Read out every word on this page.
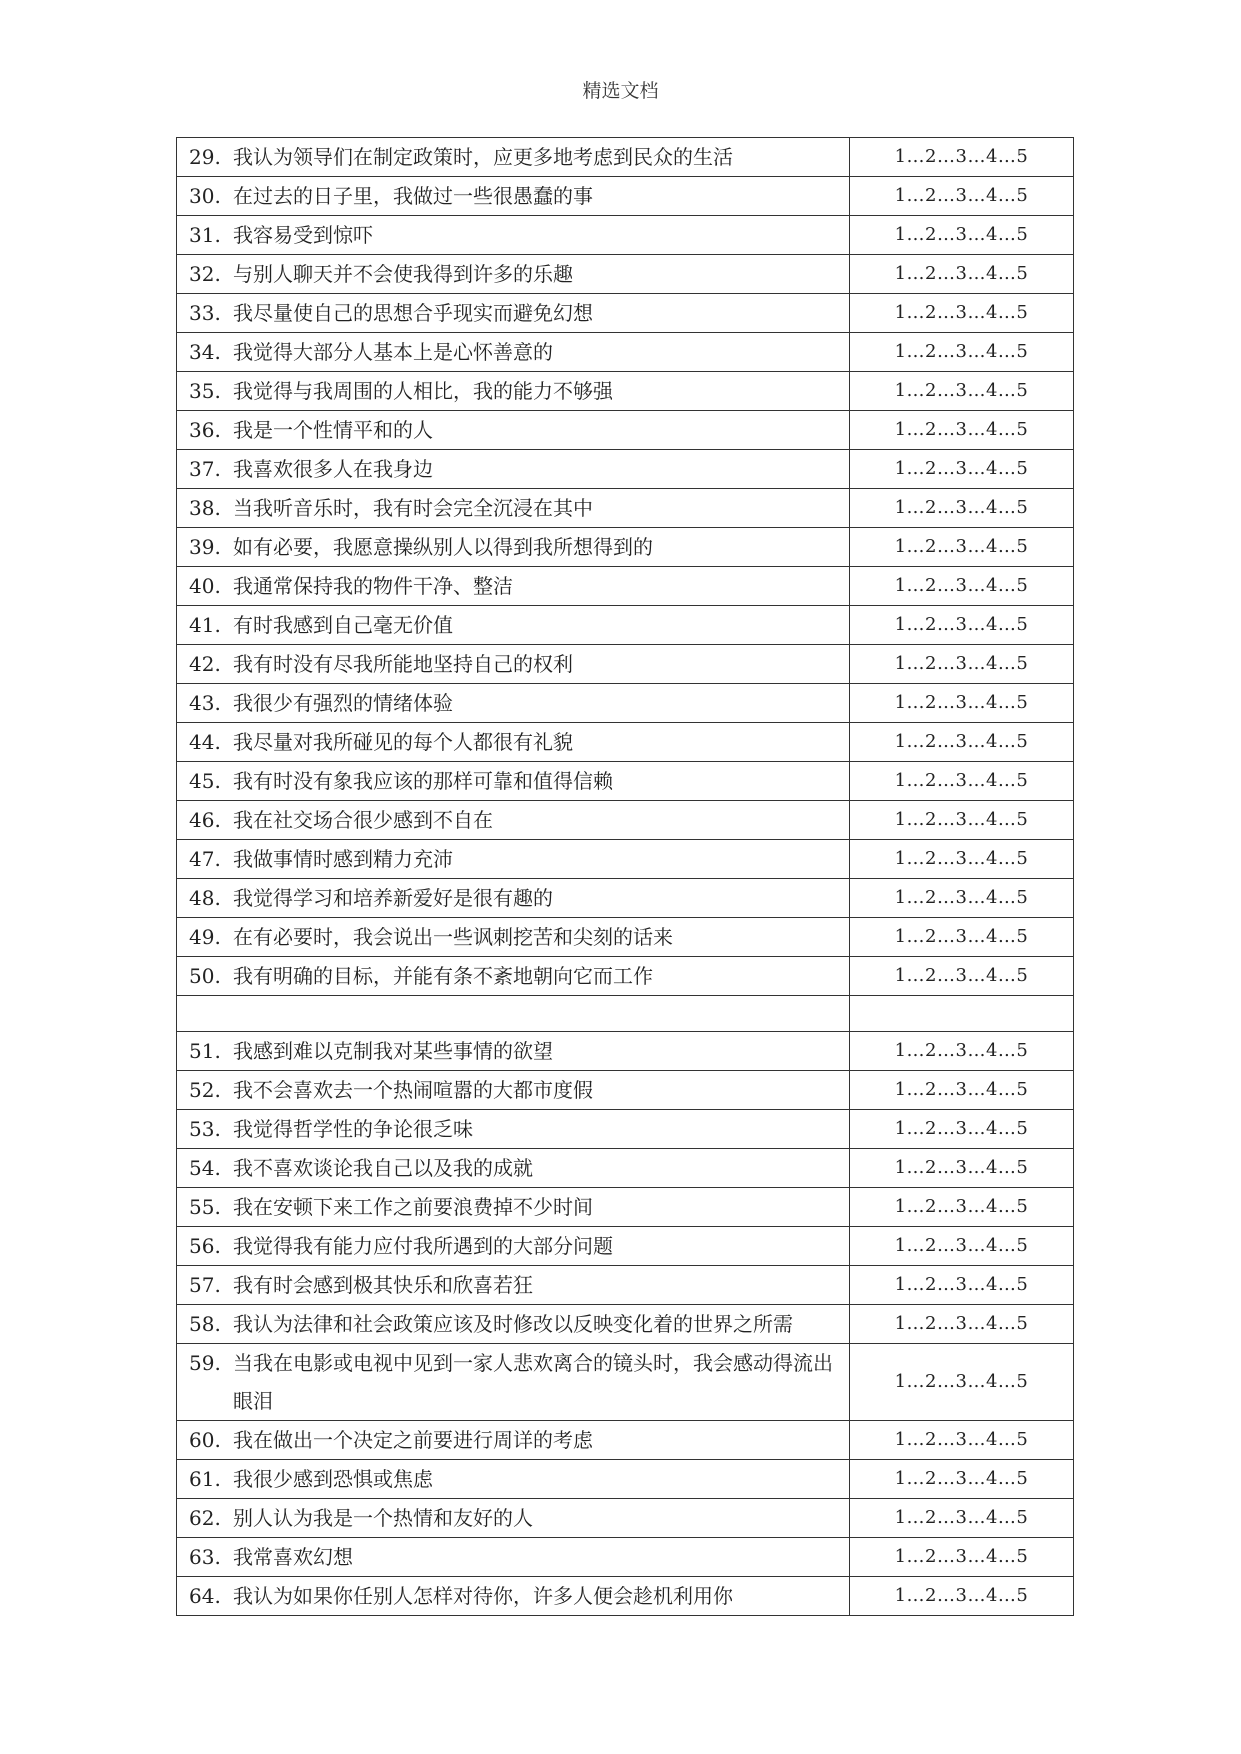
精选文档
29. 我认为领导们在制定政策时，应更多地考虑到民众的生活	1…2…3…4…5

30. 在过去的日子里，我做过一些很愚蠢的事	1…2…3…4…5

31. 我容易受到惊吓	1…2…3…4…5

32. 与别人聊天并不会使我得到许多的乐趣	1…2…3…4…5

33. 我尽量使自己的思想合乎现实而避免幻想	1…2…3…4…5

34. 我觉得大部分人基本上是心怀善意的	1…2…3…4…5

35. 我觉得与我周围的人相比，我的能力不够强	1…2…3…4…5

36. 我是一个性情平和的人	1…2…3…4…5

37. 我喜欢很多人在我身边	1…2…3…4…5

38. 当我听音乐时，我有时会完全沉浸在其中	1…2…3…4…5

39. 如有必要，我愿意操纵别人以得到我所想得到的	1…2…3…4…5

40. 我通常保持我的物件干净、整洁	1…2…3…4…5

41. 有时我感到自己毫无价值	1…2…3…4…5

42. 我有时没有尽我所能地坚持自己的权利	1…2…3…4…5

43. 我很少有强烈的情绪体验	1…2…3…4…5

44. 我尽量对我所碰见的每个人都很有礼貌	1…2…3…4…5

45. 我有时没有象我应该的那样可靠和值得信赖	1…2…3…4…5

46. 我在社交场合很少感到不自在	1…2…3…4…5

47. 我做事情时感到精力充沛	1…2…3…4…5

48. 我觉得学习和培养新爱好是很有趣的	1…2…3…4…5

49. 在有必要时，我会说出一些讽刺挖苦和尖刻的话来	1…2…3…4…5

50. 我有明确的目标，并能有条不紊地朝向它而工作	1…2…3…4…5

51. 我感到难以克制我对某些事情的欲望	1…2…3…4…5

52. 我不会喜欢去一个热闹喧嚣的大都市度假	1…2…3…4…5

53. 我觉得哲学性的争论很乏味	1…2…3…4…5

54. 我不喜欢谈论我自己以及我的成就	1…2…3…4…5

55. 我在安顿下来工作之前要浪费掉不少时间	1…2…3…4…5

56. 我觉得我有能力应付我所遇到的大部分问题	1…2…3…4…5

57. 我有时会感到极其快乐和欣喜若狂	1…2…3…4…5

58. 我认为法律和社会政策应该及时修改以反映变化着的世界之所需	1…2…3…4…5

59. 当我在电影或电视中见到一家人悲欢离合的镜头时，我会感动得流出眼泪	1…2…3…4…5

60. 我在做出一个决定之前要进行周详的考虑	1…2…3…4…5

61. 我很少感到恐惧或焦虑	1…2…3…4…5

62. 别人认为我是一个热情和友好的人	1…2…3…4…5

63. 我常喜欢幻想	1…2…3…4…5

64. 我认为如果你任别人怎样对待你，许多人便会趁机利用你	1…2…3…4…5
